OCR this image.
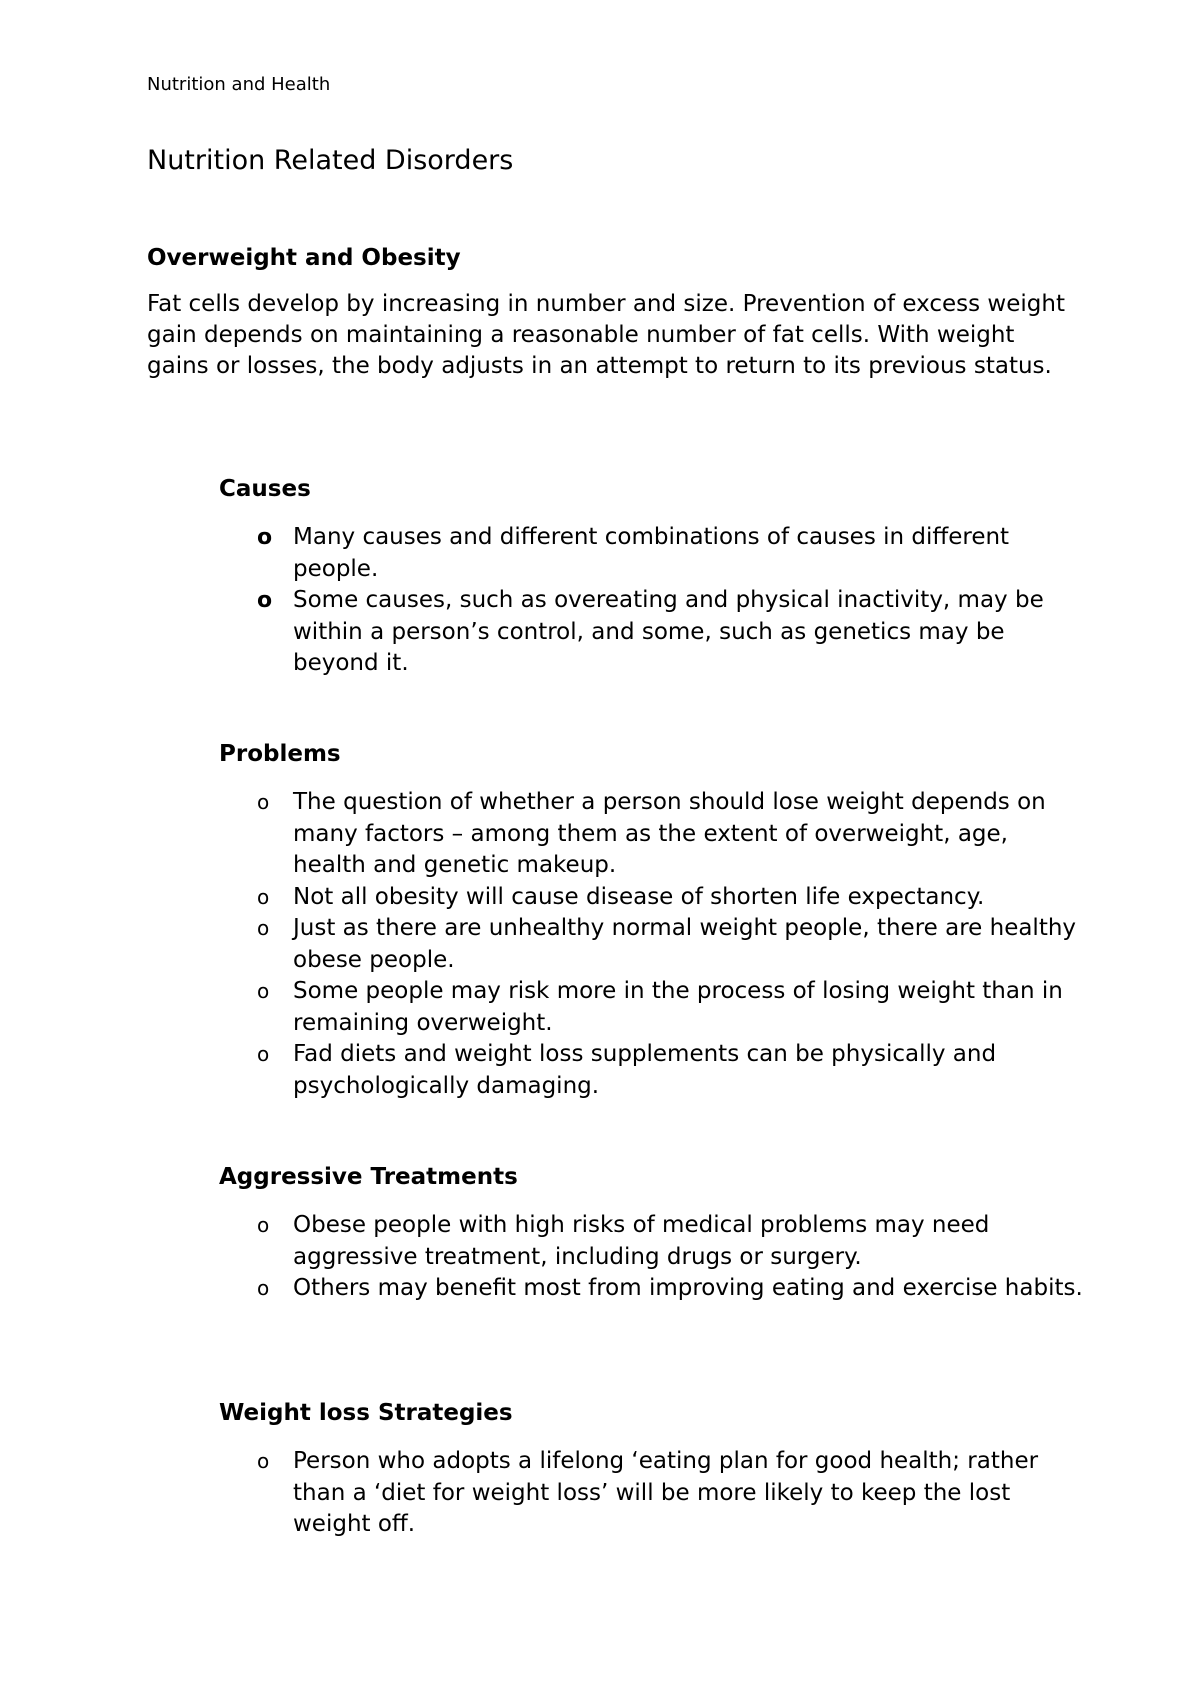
Nutrition and Health
Nutrition Related Disorders
Overweight and Obesity

Fat cells develop by increasing in number and size. Prevention of excess weight gain depends on maintaining a reasonable number of fat cells. With weight gains or losses, the body adjusts in an attempt to return to its previous status.

Causes
o Many causes and different combinations of causes in different people.
o Some causes, such as overeating and physical inactivity, may be within a person’s control, and some, such as genetics may be beyond it.
Problems
o The question of whether a person should lose weight depends on many factors – among them as the extent of overweight, age, health and genetic makeup.
o Not all obesity will cause disease of shorten life expectancy.
o Just as there are unhealthy normal weight people, there are healthy obese people.
o Some people may risk more in the process of losing weight than in remaining overweight.
o Fad diets and weight loss supplements can be physically and psychologically damaging.
Aggressive Treatments
o Obese people with high risks of medical problems may need aggressive treatment, including drugs or surgery.
o Others may benefit most from improving eating and exercise habits.
Weight loss Strategies
o Person who adopts a lifelong ‘eating plan for good health; rather than a ‘diet for weight loss’ will be more likely to keep the lost weight off.
